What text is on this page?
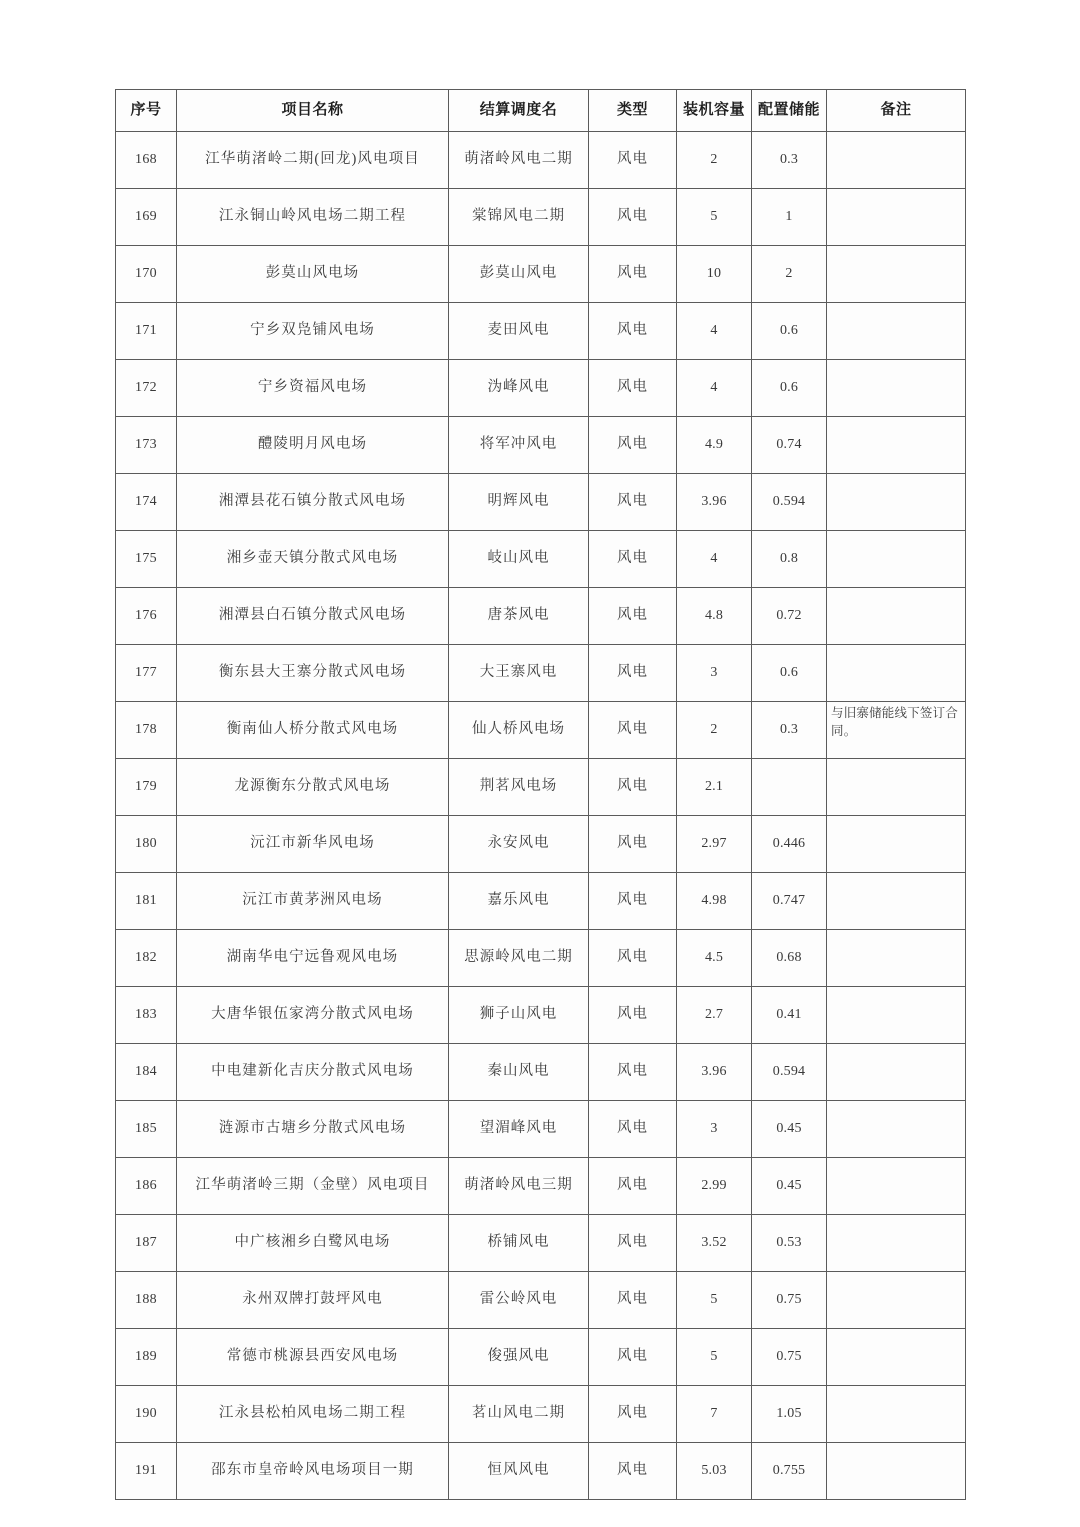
序号	项目名称	结算调度名	类型	装机容量	配置储能	备注
168	江华萌渚岭二期(回龙)风电项目	萌渚岭风电二期	风电	2	0.3	
169	江永铜山岭风电场二期工程	棠锦风电二期	风电	5	1	
170	彭莫山风电场	彭莫山风电	风电	10	2	
171	宁乡双凫铺风电场	麦田风电	风电	4	0.6	
172	宁乡资福风电场	沩峰风电	风电	4	0.6	
173	醴陵明月风电场	将军冲风电	风电	4.9	0.74	
174	湘潭县花石镇分散式风电场	明辉风电	风电	3.96	0.594	
175	湘乡壶天镇分散式风电场	岐山风电	风电	4	0.8	
176	湘潭县白石镇分散式风电场	唐茶风电	风电	4.8	0.72	
177	衡东县大王寨分散式风电场	大王寨风电	风电	3	0.6	
178	衡南仙人桥分散式风电场	仙人桥风电场	风电	2	0.3	与旧寨储能线下签订合同。
179	龙源衡东分散式风电场	荆茗风电场	风电	2.1		
180	沅江市新华风电场	永安风电	风电	2.97	0.446	
181	沅江市黄茅洲风电场	嘉乐风电	风电	4.98	0.747	
182	湖南华电宁远鲁观风电场	思源岭风电二期	风电	4.5	0.68	
183	大唐华银伍家湾分散式风电场	狮子山风电	风电	2.7	0.41	
184	中电建新化吉庆分散式风电场	秦山风电	风电	3.96	0.594	
185	涟源市古塘乡分散式风电场	望湄峰风电	风电	3	0.45	
186	江华萌渚岭三期（金壁）风电项目	萌渚岭风电三期	风电	2.99	0.45	
187	中广核湘乡白鹭风电场	桥铺风电	风电	3.52	0.53	
188	永州双牌打鼓坪风电	雷公岭风电	风电	5	0.75	
189	常德市桃源县西安风电场	俊强风电	风电	5	0.75	
190	江永县松柏风电场二期工程	茗山风电二期	风电	7	1.05	
191	邵东市皇帝岭风电场项目一期	恒风风电	风电	5.03	0.755	
